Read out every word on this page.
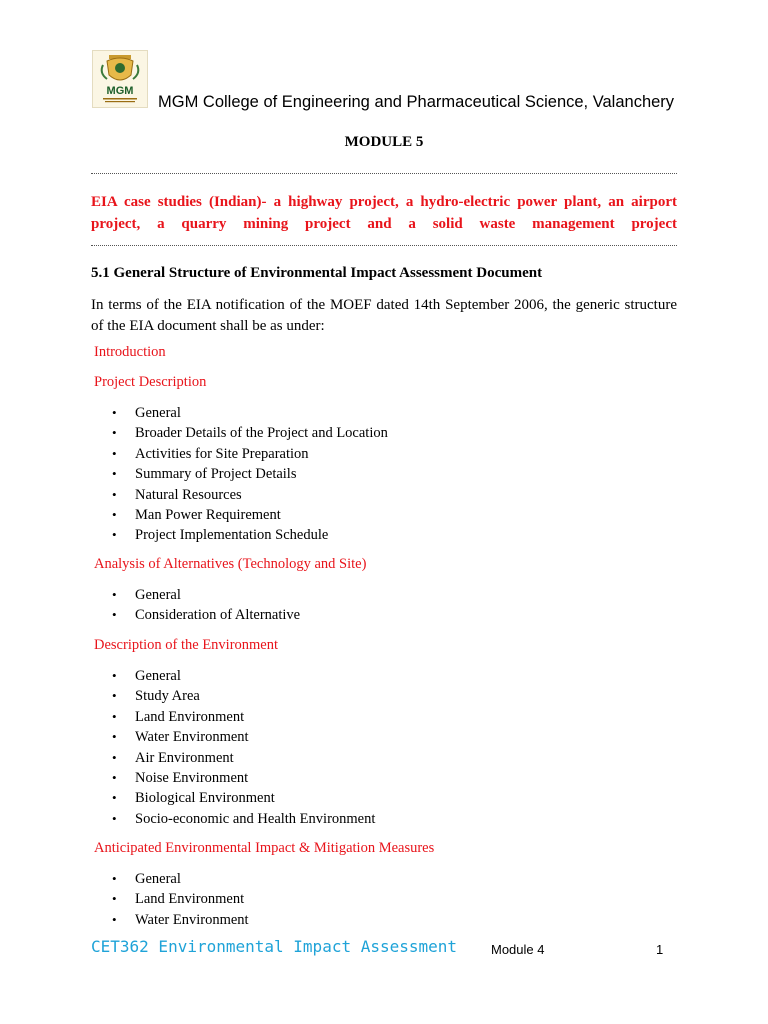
MGM
MGM College of Engineering and Pharmaceutical Science, Valanchery
MODULE 5
EIA case studies (Indian)- a highway project, a hydro-electric power plant, an airport project, a quarry mining project and a solid waste management project
5.1 General Structure of Environmental Impact Assessment Document
In terms of the EIA notification of the MOEF dated 14th September 2006, the generic structure of the EIA document shall be as under:
Introduction
Project Description
• General
• Broader Details of the Project and Location
• Activities for Site Preparation
• Summary of Project Details
• Natural Resources
• Man Power Requirement
• Project Implementation Schedule
Analysis of Alternatives (Technology and Site)
• General
• Consideration of Alternative
Description of the Environment
• General
• Study Area
• Land Environment
• Water Environment
• Air Environment
• Noise Environment
• Biological Environment
• Socio-economic and Health Environment
Anticipated Environmental Impact & Mitigation Measures
• General
• Land Environment
• Water Environment
CET362 Environmental Impact Assessment	Module 4	1
